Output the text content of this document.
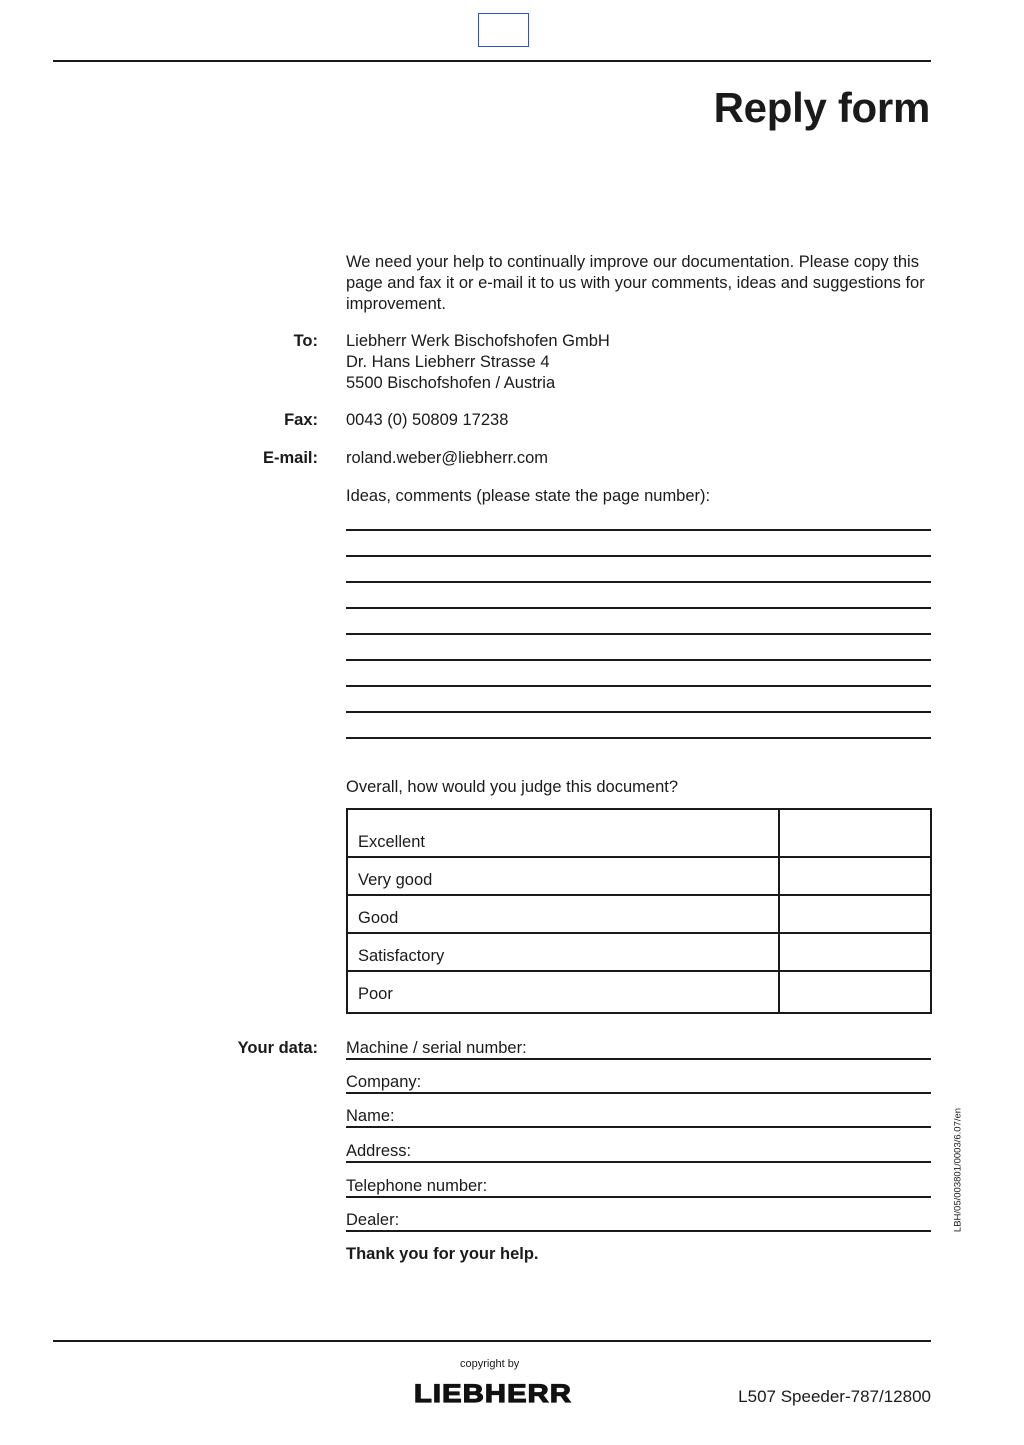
Reply form
We need your help to continually improve our documentation. Please copy this page and fax it or e-mail it to us with your comments, ideas and suggestions for improvement.
To: Liebherr Werk Bischofshofen GmbH
Dr. Hans Liebherr Strasse 4
5500 Bischofshofen / Austria
Fax: 0043 (0) 50809 17238
E-mail: roland.weber@liebherr.com
Ideas, comments (please state the page number):
Overall, how would you judge this document?
Excellent	
Very good	
Good	
Satisfactory	
Poor	
Your data: Machine / serial number:
Company:
Name:
Address:
Telephone number:
Dealer:
Thank you for your help.
LBH/05/003801/0003/6.07/en
copyright by
LIEBHERR	L507 Speeder-787/12800
